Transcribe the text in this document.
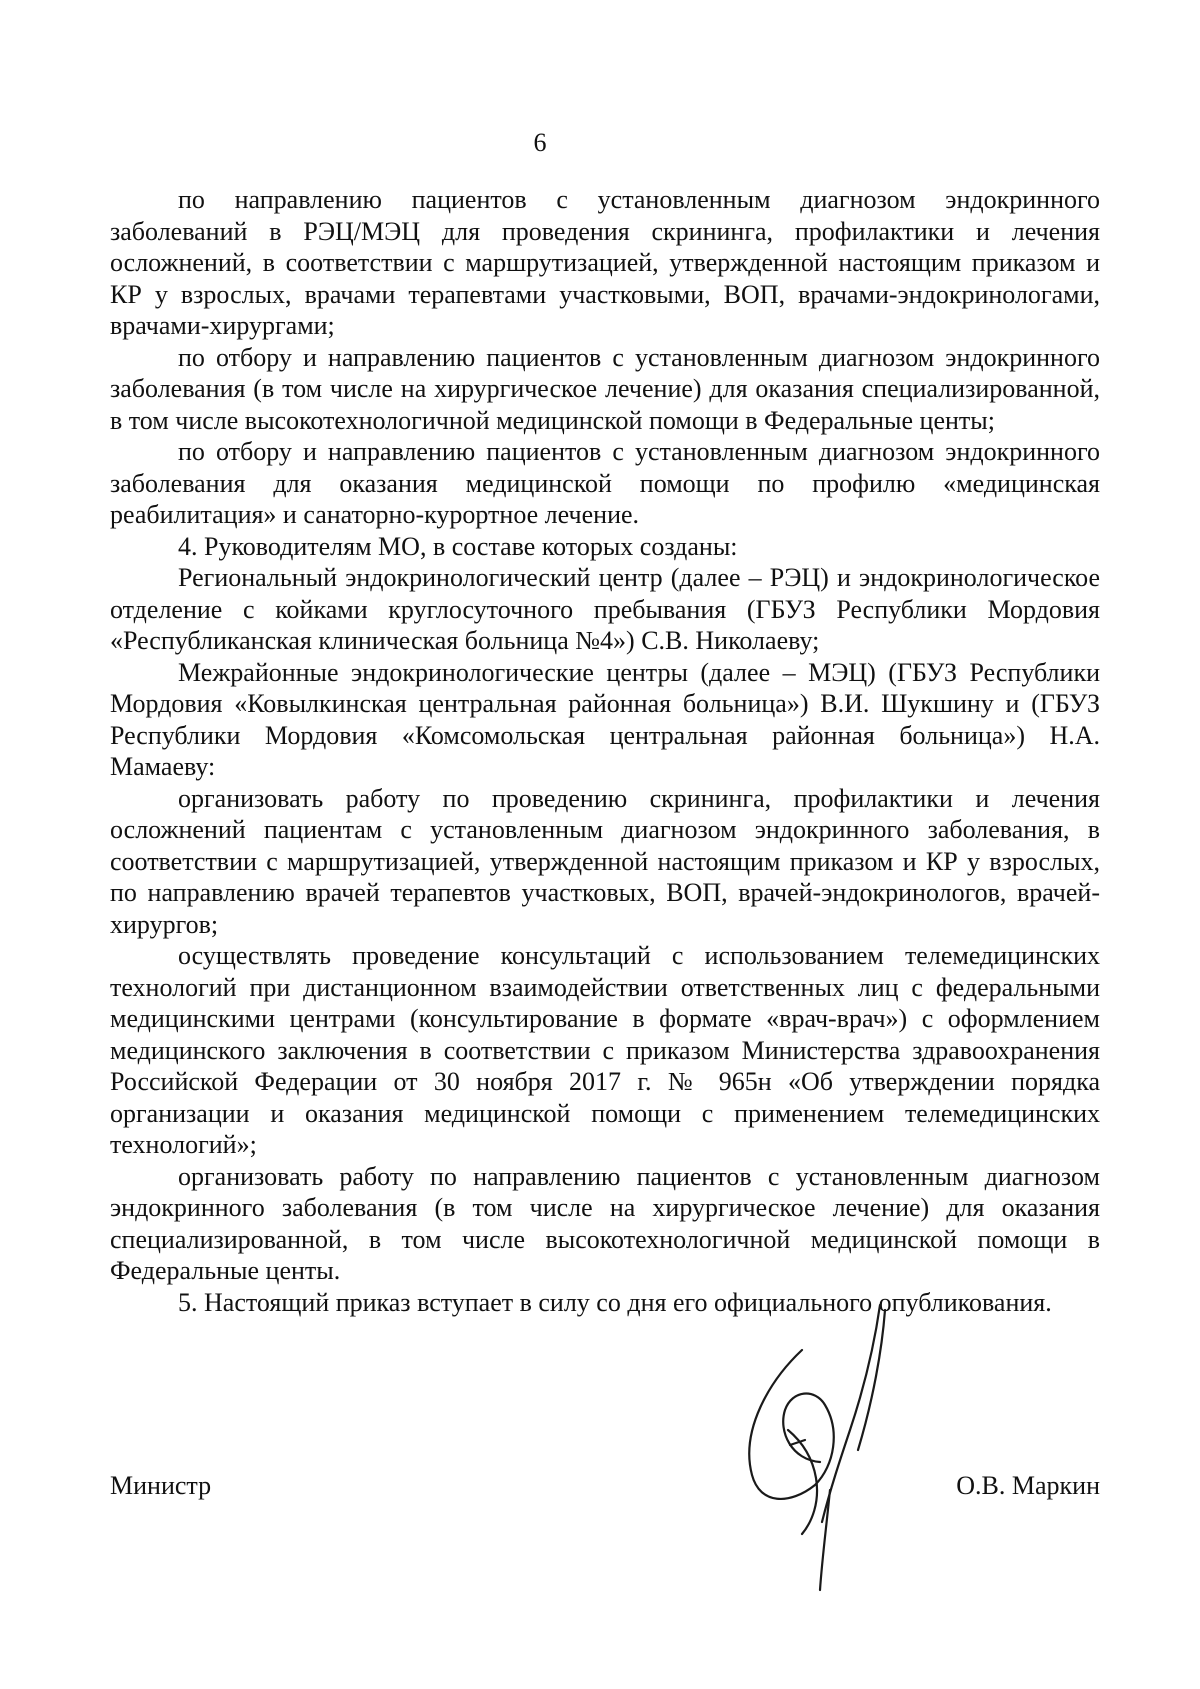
6

по направлению пациентов с установленным диагнозом эндокринного заболеваний в РЭЦ/МЭЦ для проведения скрининга, профилактики и лечения осложнений, в соответствии с маршрутизацией, утвержденной настоящим приказом и КР у взрослых, врачами терапевтами участковыми, ВОП, врачами-эндокринологами, врачами-хирургами;

по отбору и направлению пациентов с установленным диагнозом эндокринного заболевания (в том числе на хирургическое лечение) для оказания специализированной, в том числе высокотехнологичной медицинской помощи в Федеральные центы;

по отбору и направлению пациентов с установленным диагнозом эндокринного заболевания для оказания медицинской помощи по профилю «медицинская реабилитация» и санаторно-курортное лечение.

4. Руководителям МО, в составе которых созданы:

Региональный эндокринологический центр (далее – РЭЦ) и эндокринологическое отделение с койками круглосуточного пребывания (ГБУЗ Республики Мордовия «Республиканская клиническая больница №4») С.В. Николаеву;

Межрайонные эндокринологические центры (далее – МЭЦ) (ГБУЗ Республики Мордовия «Ковылкинская центральная районная больница») В.И. Шукшину и (ГБУЗ Республики Мордовия «Комсомольская центральная районная больница») Н.А. Мамаеву:

организовать работу по проведению скрининга, профилактики и лечения осложнений пациентам с установленным диагнозом эндокринного заболевания, в соответствии с маршрутизацией, утвержденной настоящим приказом и КР у взрослых, по направлению врачей терапевтов участковых, ВОП, врачей-эндокринологов, врачей-хирургов;

осуществлять проведение консультаций с использованием телемедицинских технологий при дистанционном взаимодействии ответственных лиц с федеральными медицинскими центрами (консультирование в формате «врач-врач») с оформлением медицинского заключения в соответствии с приказом Министерства здравоохранения Российской Федерации от 30 ноября 2017 г. № 965н «Об утверждении порядка организации и оказания медицинской помощи с применением телемедицинских технологий»;

организовать работу по направлению пациентов с установленным диагнозом эндокринного заболевания (в том числе на хирургическое лечение) для оказания специализированной, в том числе высокотехнологичной медицинской помощи в Федеральные центы.

5. Настоящий приказ вступает в силу со дня его официального опубликования.

Министр	О.В. Маркин
